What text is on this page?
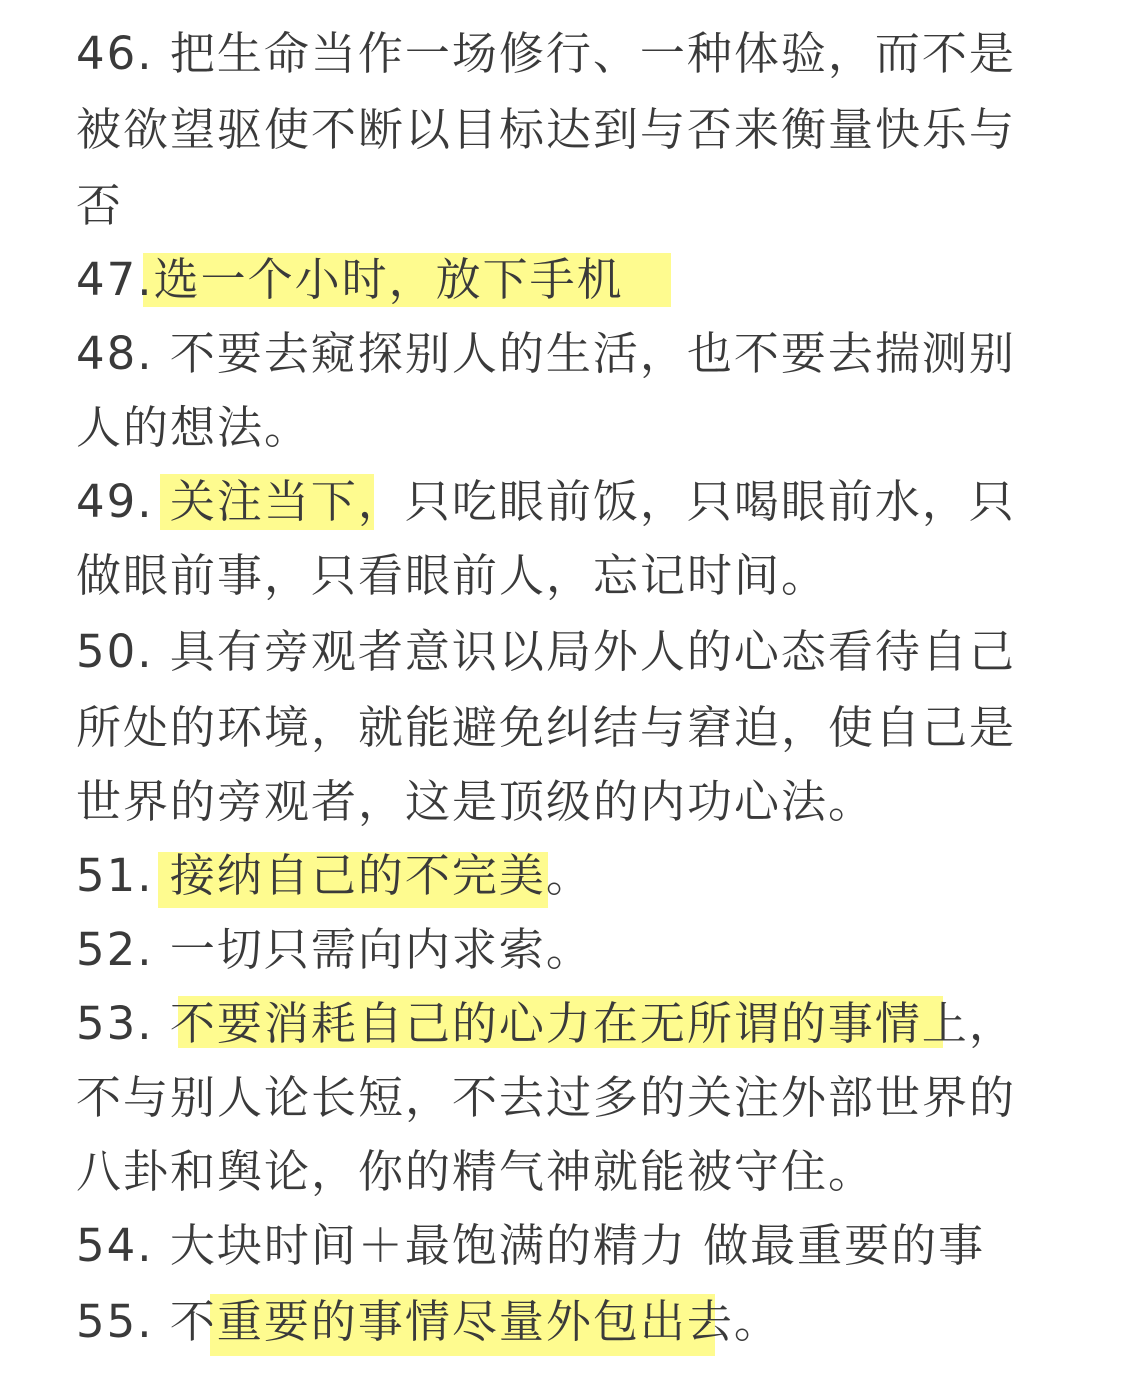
46. 把生命当作一场修行、一种体验，而不是
被欲望驱使不断以目标达到与否来衡量快乐与
否
47.选一个小时，放下手机
48. 不要去窥探别人的生活，也不要去揣测别
人的想法。
49. 关注当下，只吃眼前饭，只喝眼前水，只
做眼前事，只看眼前人，忘记时间。
50. 具有旁观者意识以局外人的心态看待自己
所处的环境，就能避免纠结与窘迫，使自己是
世界的旁观者，这是顶级的内功心法。
51. 接纳自己的不完美。
52. 一切只需向内求索。
53. 不要消耗自己的心力在无所谓的事情上，
不与别人论长短，不去过多的关注外部世界的
八卦和舆论，你的精气神就能被守住。
54. 大块时间＋最饱满的精力 做最重要的事
55. 不重要的事情尽量外包出去。
